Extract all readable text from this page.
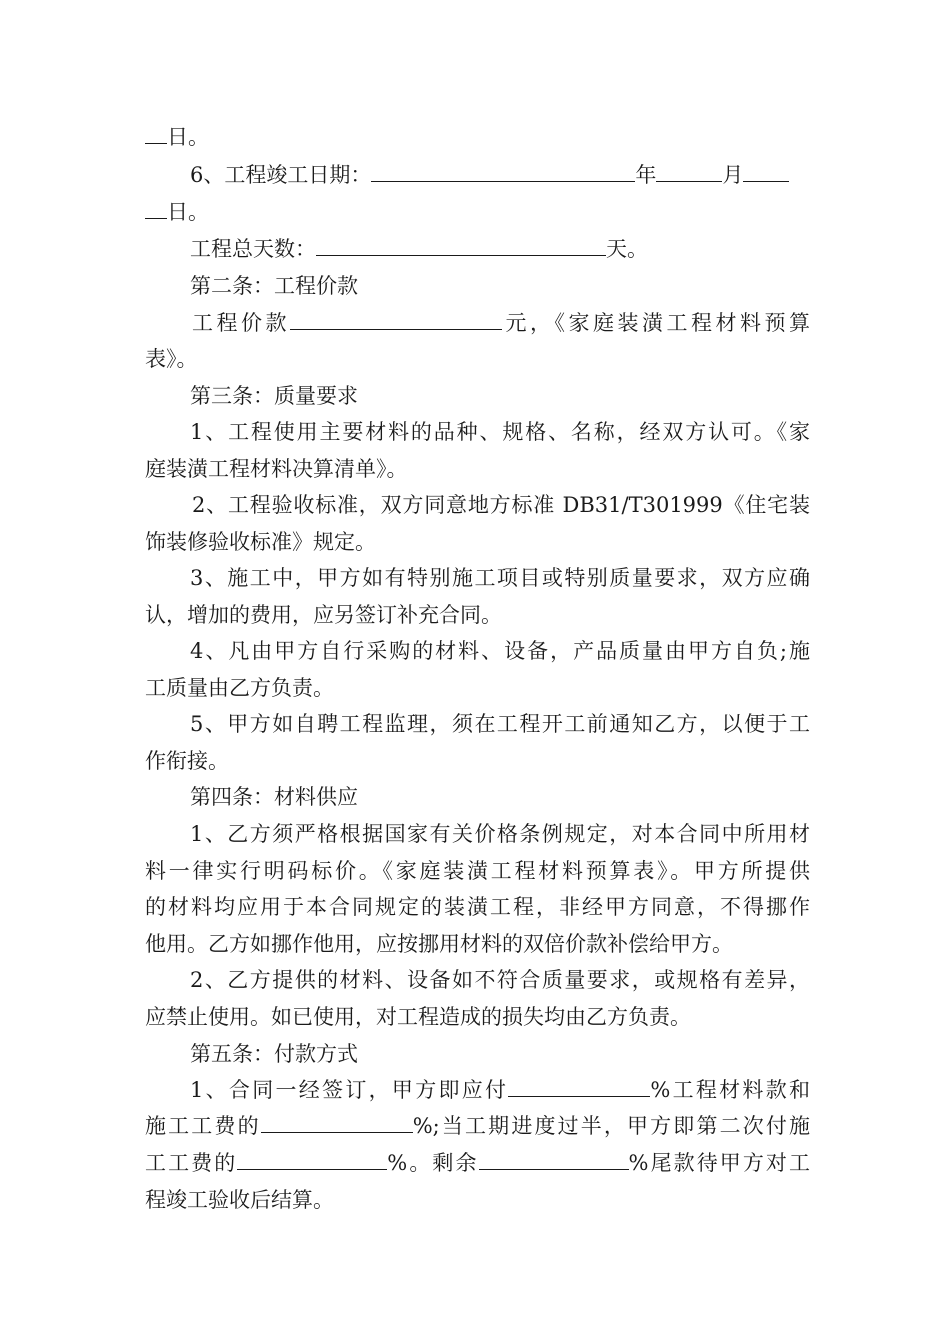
日。
6、工程竣工日期：	年	月
日。
工程总天数：	天。
第二条：工程价款
工程价款	元，《家庭装潢工程材料预算
表》。
第三条：质量要求
1、工程使用主要材料的品种、规格、名称，经双方认可。《家
庭装潢工程材料决算清单》。
2、工程验收标准，双方同意地方标准 DB31/T301999《住宅装
饰装修验收标准》规定。
3、施工中，甲方如有特别施工项目或特别质量要求，双方应确
认，增加的费用，应另签订补充合同。
4、凡由甲方自行采购的材料、设备，产品质量由甲方自负;施
工质量由乙方负责。
5、甲方如自聘工程监理，须在工程开工前通知乙方，以便于工
作衔接。
第四条：材料供应
1、乙方须严格根据国家有关价格条例规定，对本合同中所用材
料一律实行明码标价。《家庭装潢工程材料预算表》。甲方所提供
的材料均应用于本合同规定的装潢工程，非经甲方同意，不得挪作
他用。乙方如挪作他用，应按挪用材料的双倍价款补偿给甲方。
2、乙方提供的材料、设备如不符合质量要求，或规格有差异，
应禁止使用。如已使用，对工程造成的损失均由乙方负责。
第五条：付款方式
1、合同一经签订，甲方即应付	%工程材料款和
施工工费的	%;当工期进度过半，甲方即第二次付施
工工费的	%。剩余	%尾款待甲方对工
程竣工验收后结算。
